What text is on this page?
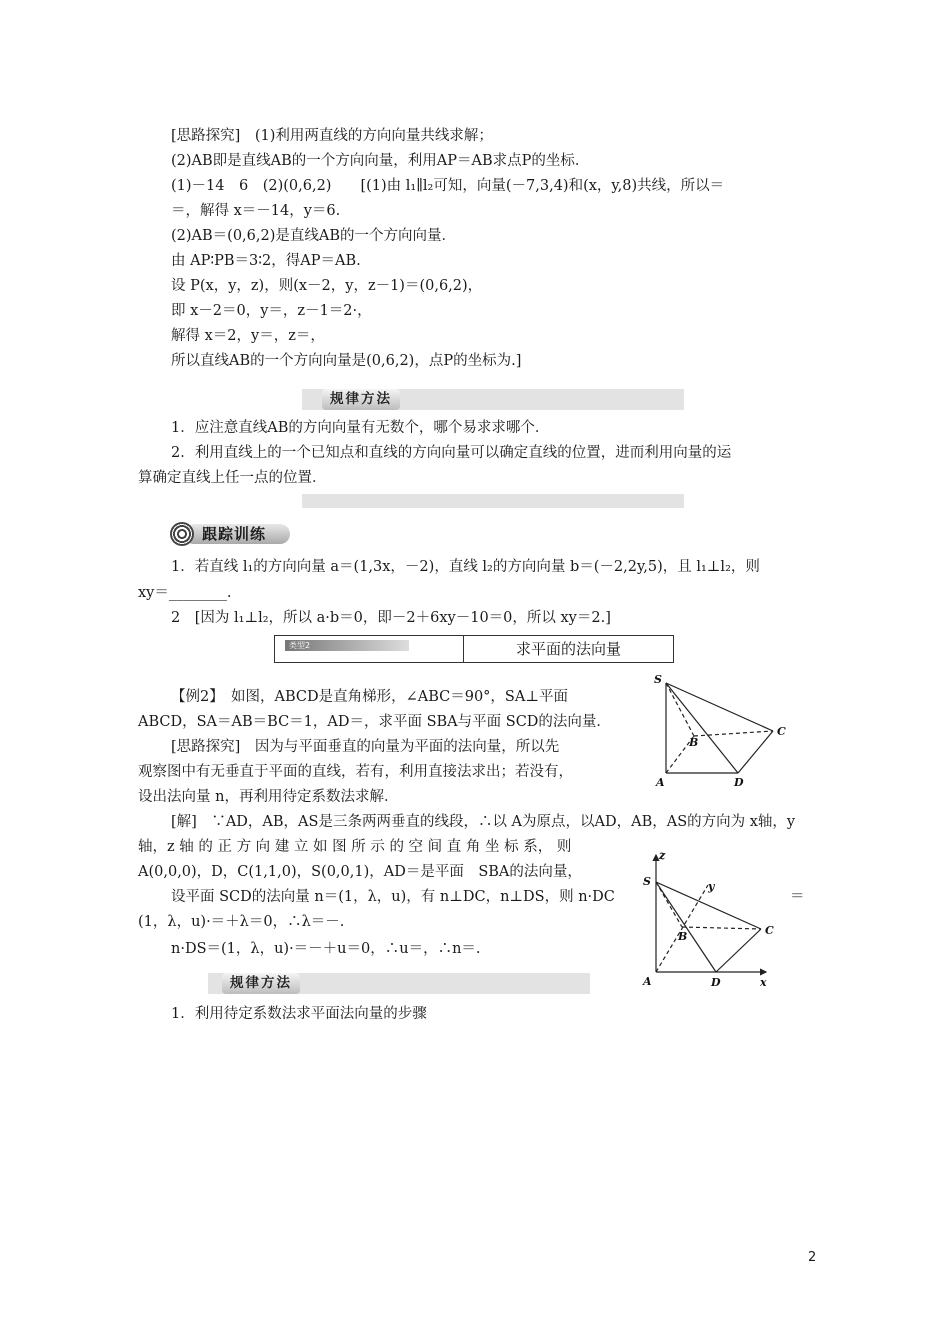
[思路探究]　(1)利用两直线的方向向量共线求解；
(2)AB即是直线AB的一个方向向量，利用AP＝AB求点P的坐标．
(1)－14　6　(2)(0,6,2)　　[(1)由 l₁∥l₂可知，向量(－7,3,4)和(x，y,8)共线，所以＝
＝，解得 x＝－14，y＝6.
(2)AB＝(0,6,2)是直线AB的一个方向向量．
由 AP∶PB＝3∶2，得AP＝AB.
设 P(x，y，z)，则(x－2，y，z－1)＝(0,6,2)，
即 x－2＝0，y＝，z－1＝2·，
解得 x＝2，y＝，z＝，
所以直线AB的一个方向向量是(0,6,2)，点P的坐标为.]
规律方法
1．应注意直线AB的方向向量有无数个，哪个易求求哪个．
2．利用直线上的一个已知点和直线的方向向量可以确定直线的位置，进而利用向量的运
算确定直线上任一点的位置．
跟踪训练
1．若直线 l₁的方向向量 a＝(1,3x，－2)，直线 l₂的方向向量 b＝(－2,2y,5)，且 l₁⊥l₂，则
xy＝________.
2　[因为 l₁⊥l₂，所以 a·b＝0，即－2＋6xy－10＝0，所以 xy＝2.]
类型2	求平面的法向量
【例2】　如图，ABCD是直角梯形，∠ABC＝90°，SA⊥平面
ABCD，SA＝AB＝BC＝1，AD＝，求平面 SBA与平面 SCD的法向量．
[思路探究]　因为与平面垂直的向量为平面的法向量，所以先
观察图中有无垂直于平面的直线，若有，利用直接法求出；若没有，
设出法向量 n，再利用待定系数法求解．
[解]　∵AD，AB，AS是三条两两垂直的线段，∴以 A为原点，以AD，AB，AS的方向为 x轴，y
轴，z 轴 的 正 方 向 建 立 如 图 所 示 的 空 间 直 角 坐 标 系， 则
A(0,0,0)，D，C(1,1,0)，S(0,0,1)，AD＝是平面　SBA的法向量，
设平面 SCD的法向量 n＝(1，λ，u)，有 n⊥DC，n⊥DS，则 n·DC	＝
(1，λ，u)·＝＋λ＝0，∴λ＝－.
n·DS＝(1，λ，u)·＝－＋u＝0，∴u＝，∴n＝.
规律方法
1．利用待定系数法求平面法向量的步骤
S
A
B
C
D
z
y
x
S
A
B	C
D
2
